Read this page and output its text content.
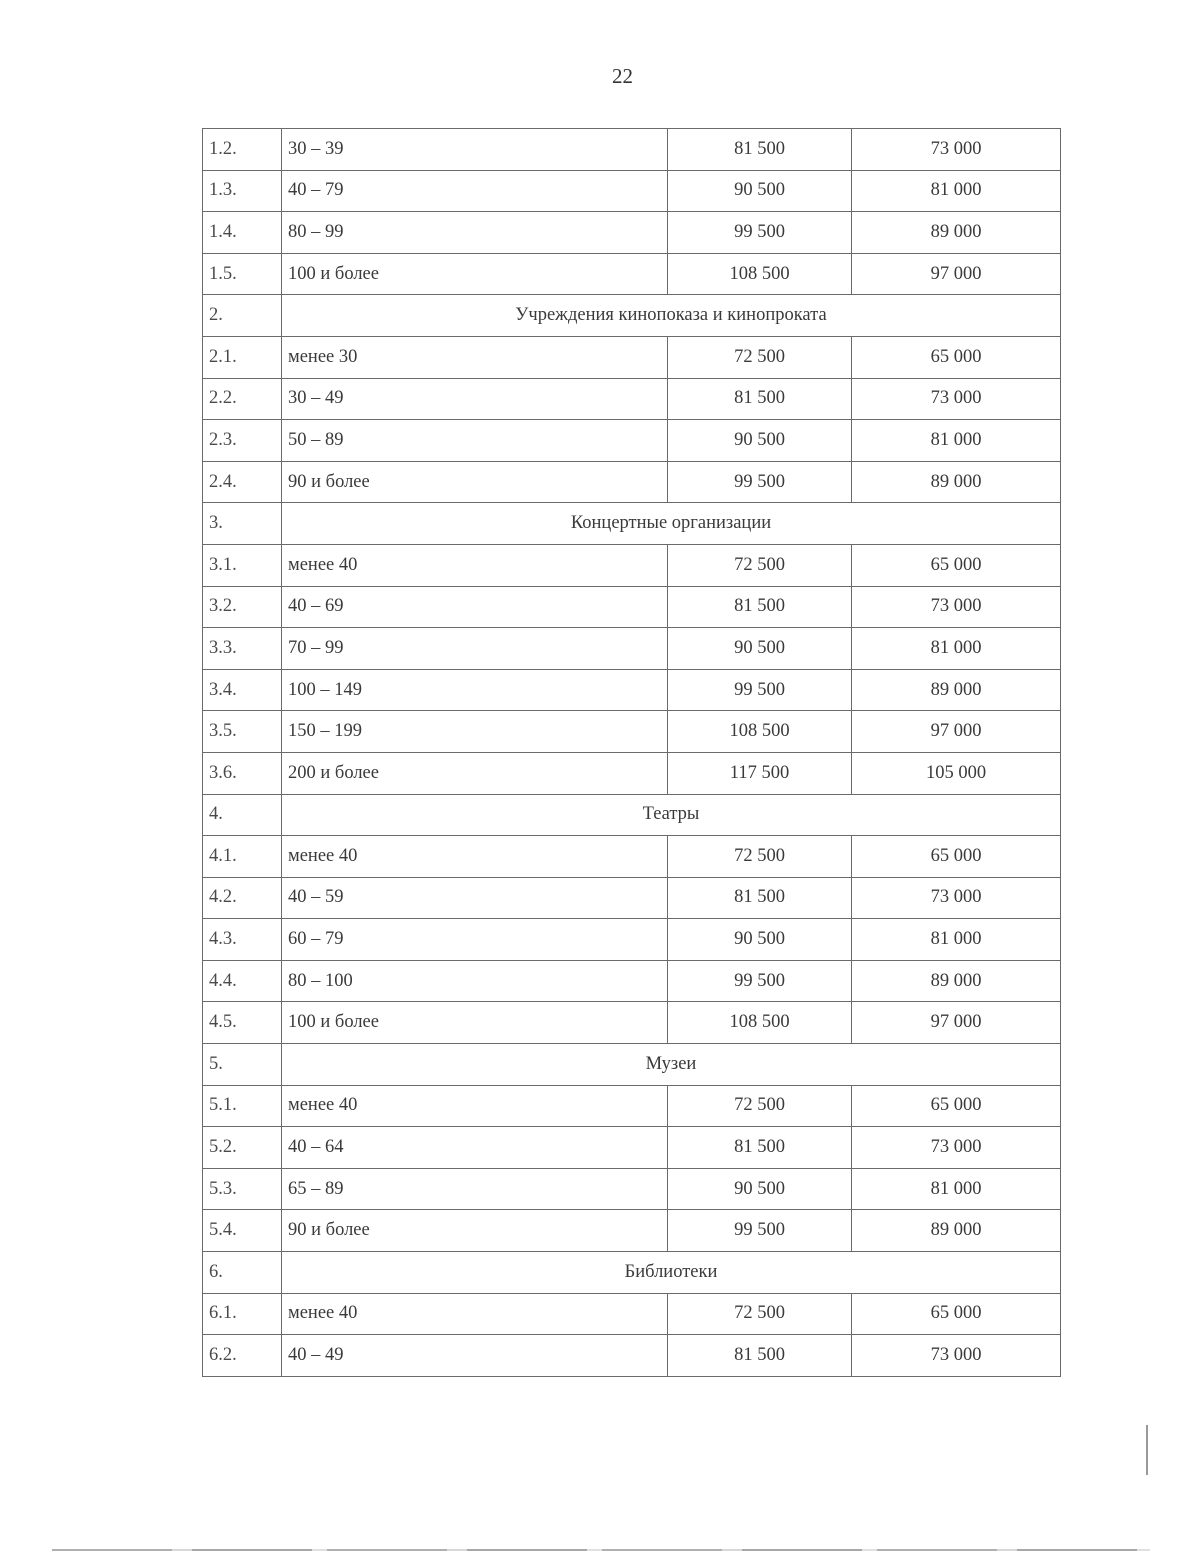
22
1.2.	30 – 39	81 500	73 000
1.3.	40 – 79	90 500	81 000
1.4.	80 – 99	99 500	89 000
1.5.	100 и более	108 500	97 000
2.	Учреждения кинопоказа и кинопроката		
2.1.	менее 30	72 500	65 000
2.2.	30 – 49	81 500	73 000
2.3.	50 – 89	90 500	81 000
2.4.	90 и более	99 500	89 000
3.	Концертные организации		
3.1.	менее 40	72 500	65 000
3.2.	40 – 69	81 500	73 000
3.3.	70 – 99	90 500	81 000
3.4.	100 – 149	99 500	89 000
3.5.	150 – 199	108 500	97 000
3.6.	200 и более	117 500	105 000
4.	Театры		
4.1.	менее 40	72 500	65 000
4.2.	40 – 59	81 500	73 000
4.3.	60 – 79	90 500	81 000
4.4.	80 – 100	99 500	89 000
4.5.	100 и более	108 500	97 000
5.	Музеи		
5.1.	менее 40	72 500	65 000
5.2.	40 – 64	81 500	73 000
5.3.	65 – 89	90 500	81 000
5.4.	90 и более	99 500	89 000
6.	Библиотеки		
6.1.	менее 40	72 500	65 000
6.2.	40 – 49	81 500	73 000
